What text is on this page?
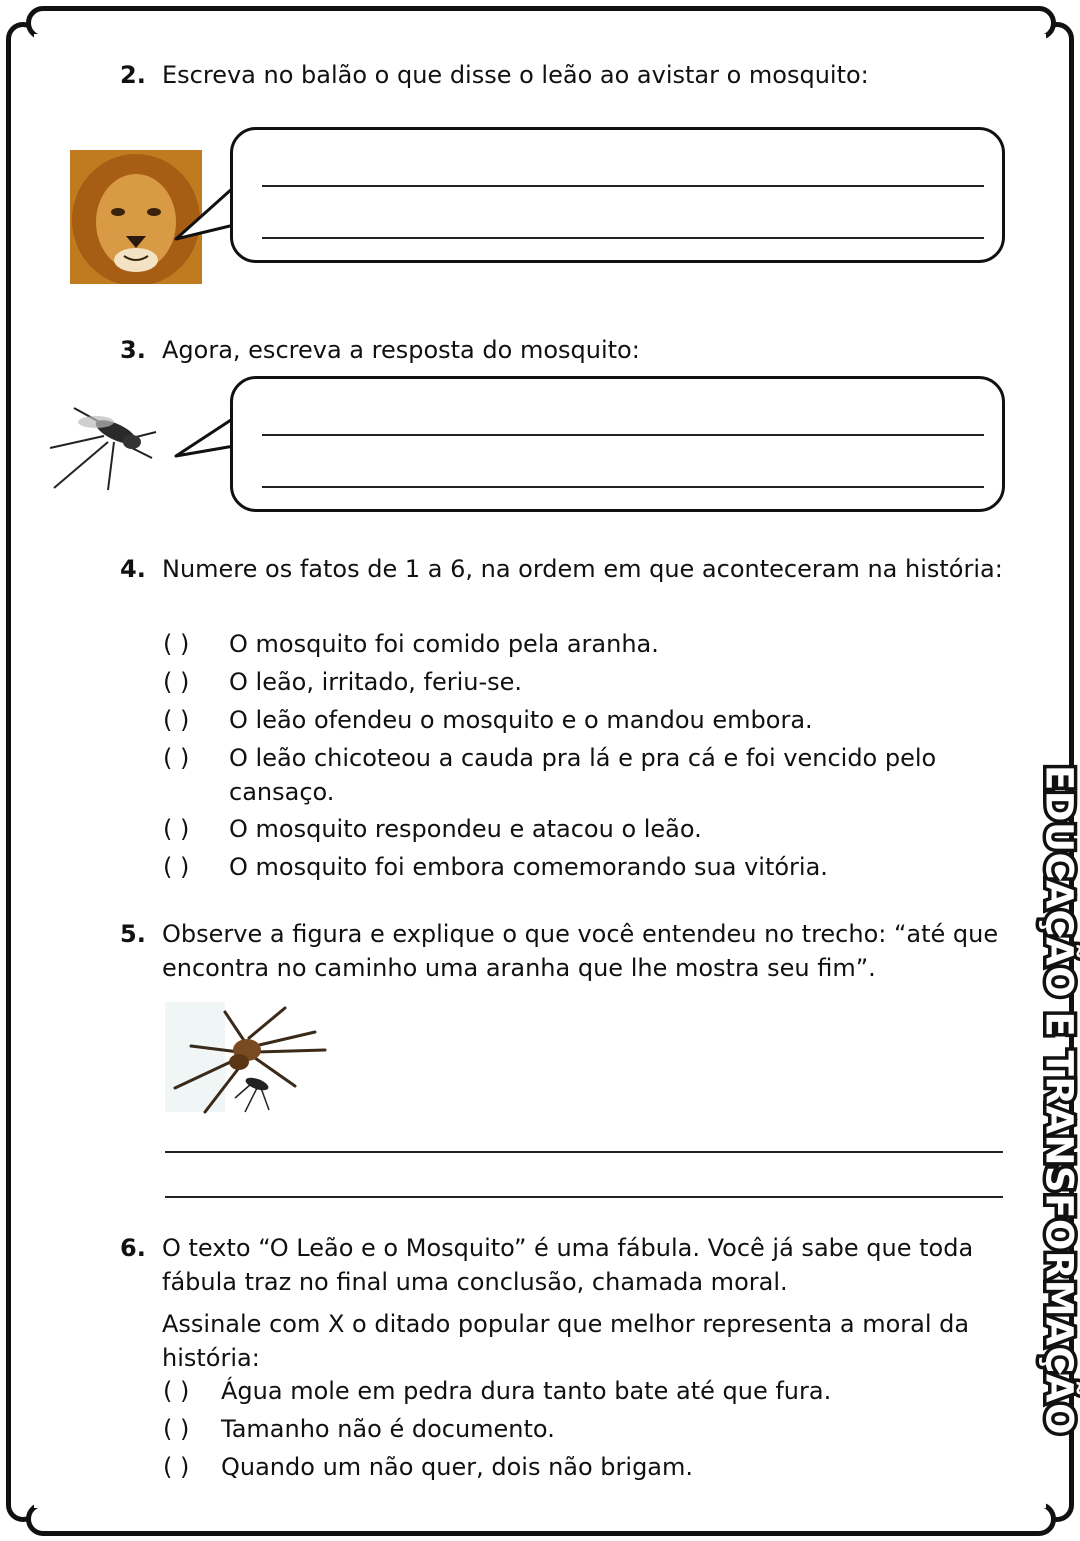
EDUCAÇÃO E TRANSFORMAÇÃO
2. Escreva no balão o que disse o leão ao avistar o mosquito:
3. Agora, escreva a resposta do mosquito:
4. Numere os fatos de 1 a 6, na ordem em que aconteceram na história:
( ) O mosquito foi comido pela aranha.
( ) O leão, irritado, feriu-se.
( ) O leão ofendeu o mosquito e o mandou embora.
( ) O leão chicoteou a cauda pra lá e pra cá e foi vencido pelo
cansaço.
( ) O mosquito respondeu e atacou o leão.
( ) O mosquito foi embora comemorando sua vitória.
5. Observe a figura e explique o que você entendeu no trecho: “até que encontra no caminho uma aranha que lhe mostra seu fim”.
6. O texto “O Leão e o Mosquito” é uma fábula. Você já sabe que toda fábula traz no final uma conclusão, chamada moral.
Assinale com X o ditado popular que melhor representa a moral da história:
( ) Água mole em pedra dura tanto bate até que fura.
( ) Tamanho não é documento.
( ) Quando um não quer, dois não brigam.
